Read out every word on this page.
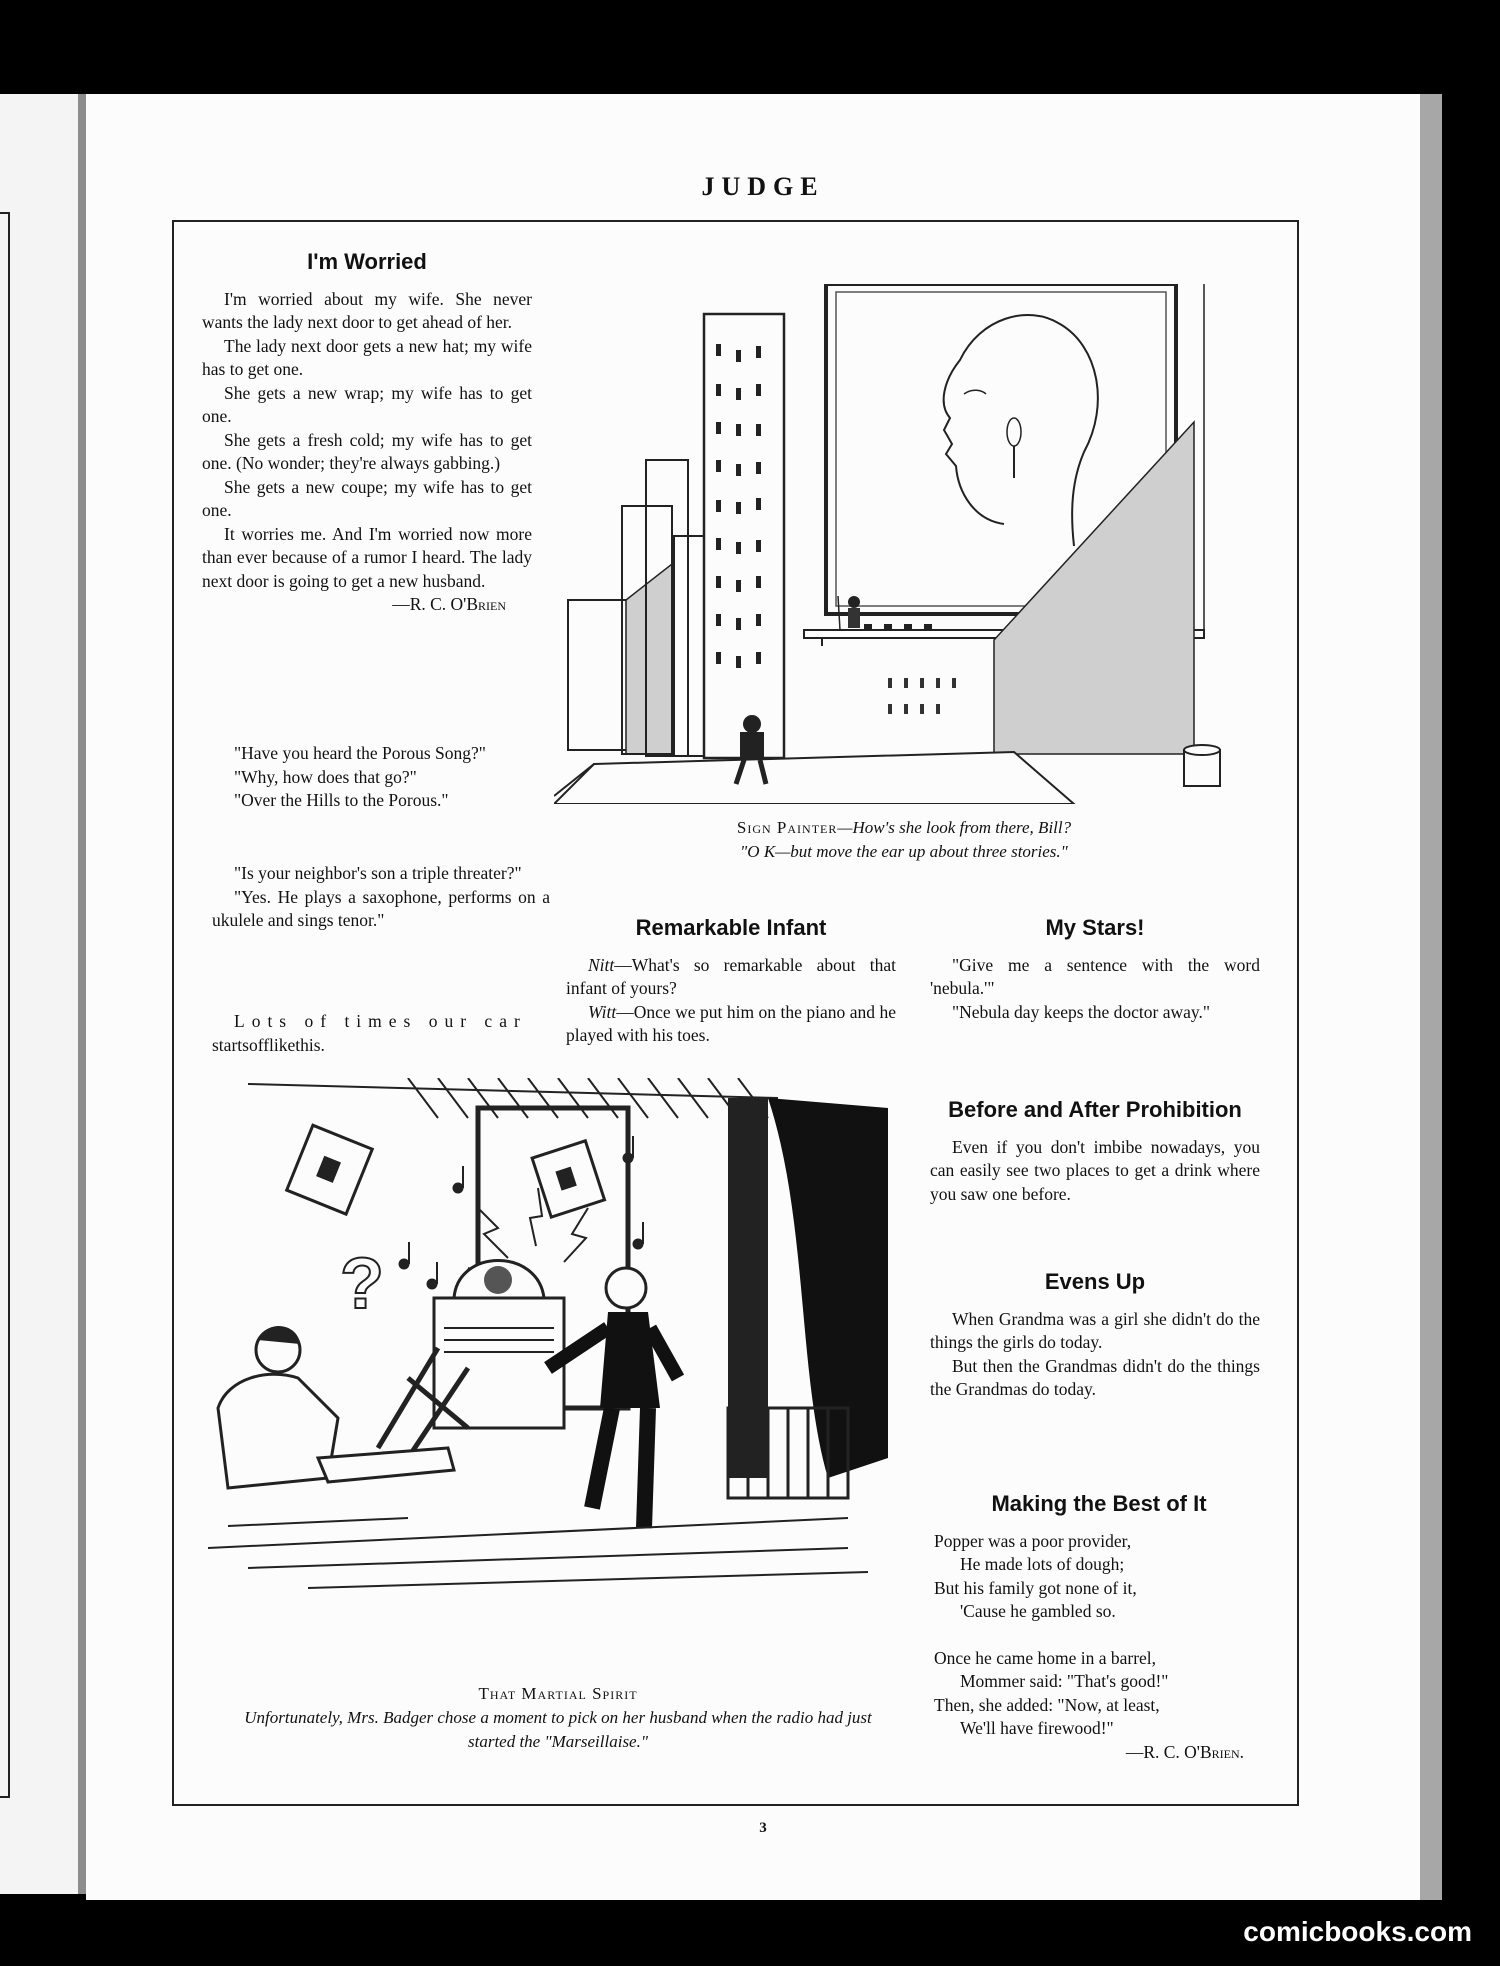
JUDGE
I'm Worried

I'm worried about my wife. She never wants the lady next door to get ahead of her.

The lady next door gets a new hat; my wife has to get one.

She gets a new wrap; my wife has to get one.

She gets a fresh cold; my wife has to get one. (No wonder; they're always gabbing.)

She gets a new coupe; my wife has to get one.

It worries me. And I'm worried now more than ever because of a rumor I heard. The lady next door is going to get a new husband.

—R. C. O'Brien

"Have you heard the Porous Song?"

"Why, how does that go?"

"Over the Hills to the Porous."

"Is your neighbor's son a triple threater?"

"Yes. He plays a saxophone, performs on a ukulele and sings tenor."

Lots of times our car
startsofflikethis.
Sign Painter—How's she look from there, Bill?
"O K—but move the ear up about three stories."
Remarkable Infant

Nitt—What's so remarkable about that infant of yours?

Witt—Once we put him on the piano and he played with his toes.

My Stars!

"Give me a sentence with the word 'nebula.'"

"Nebula day keeps the doctor away."

Before and After Prohibition

Even if you don't imbibe nowadays, you can easily see two places to get a drink where you saw one before.

Evens Up

When Grandma was a girl she didn't do the things the girls do today.

But then the Grandmas didn't do the things the Grandmas do today.

Making the Best of It

Popper was a poor provider,

He made lots of dough;

But his family got none of it,

'Cause he gambled so.

Once he came home in a barrel,

Mommer said: "That's good!"

Then, she added: "Now, at least,

We'll have firewood!"

—R. C. O'Brien.
?
That Martial Spirit
Unfortunately, Mrs. Badger chose a moment to pick on her husband when the radio had just started the "Marseillaise."
3
comicbooks.com
